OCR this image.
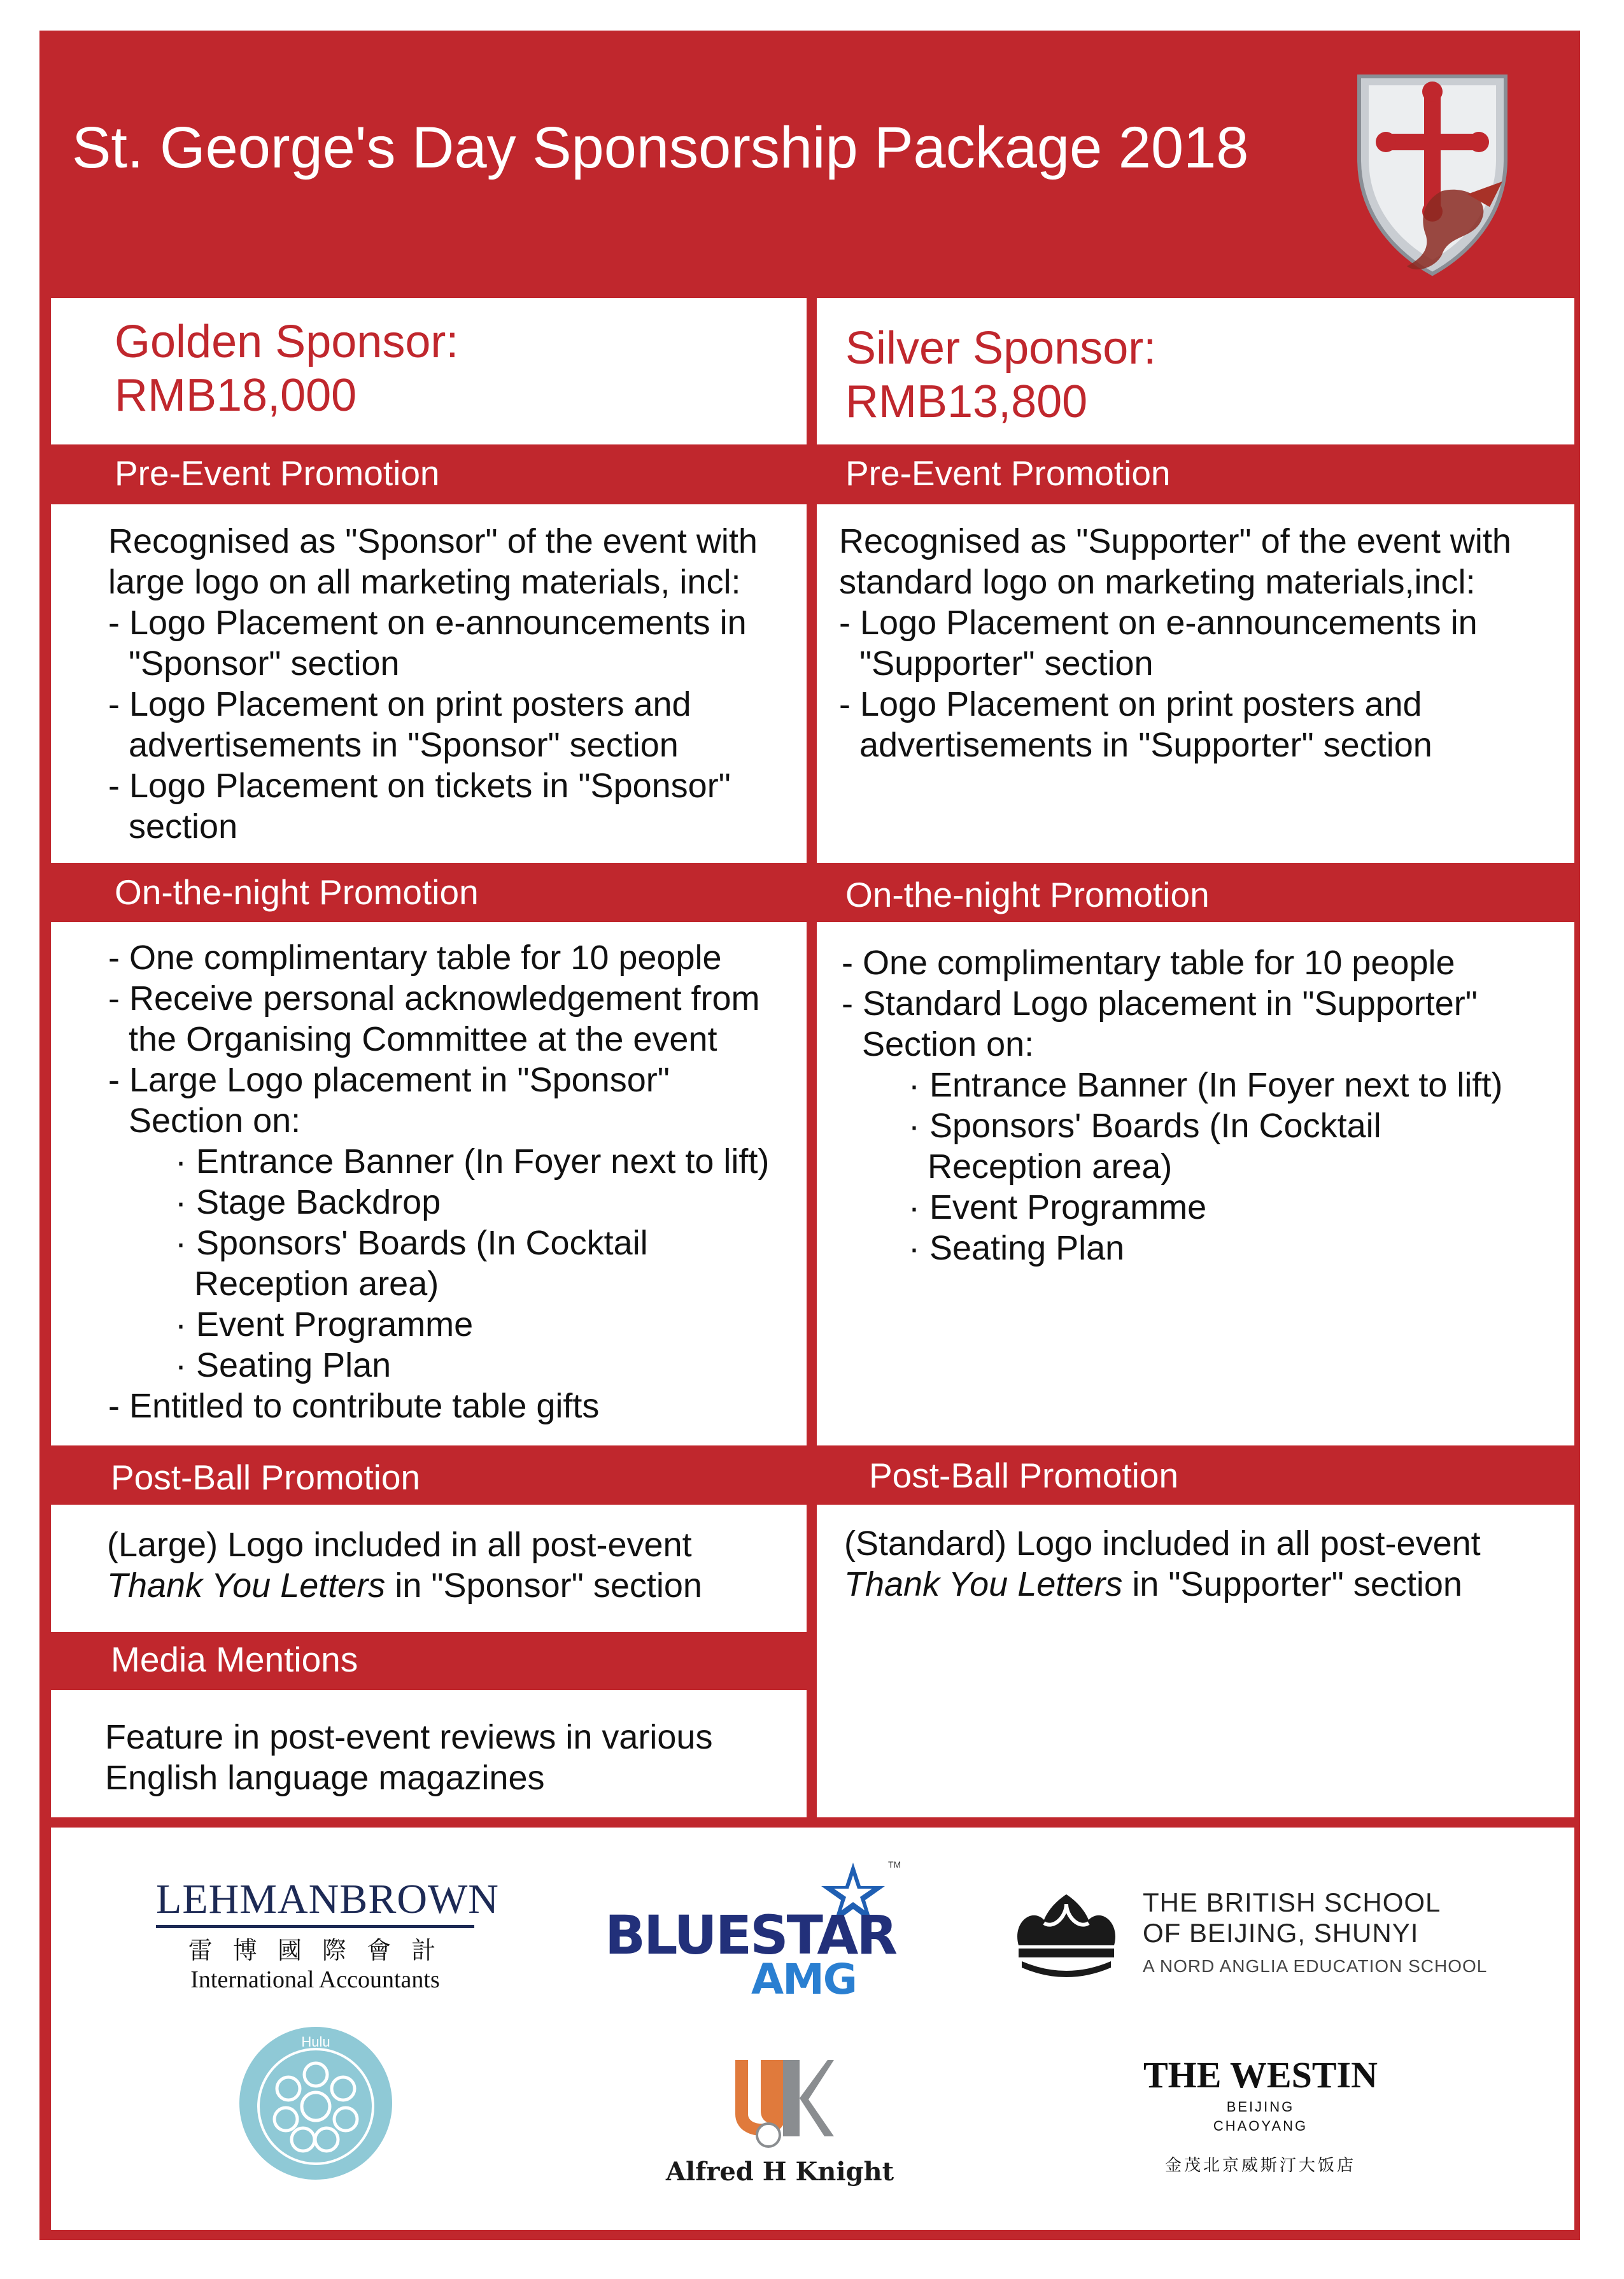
St. George's Day Sponsorship Package 2018
Golden Sponsor:
RMB18,000
Pre-Event Promotion
Recognised as "Sponsor" of the event with
large logo on all marketing materials, incl:
- Logo Placement on e-announcements in
"Sponsor" section
- Logo Placement on print posters and
advertisements in "Sponsor" section
- Logo Placement on tickets in "Sponsor"
section
On-the-night Promotion
- One complimentary table for 10 people
- Receive personal acknowledgement from
the Organising Committee at the event
- Large Logo placement in "Sponsor"
Section on:
· Entrance Banner (In Foyer next to lift)
· Stage Backdrop
· Sponsors' Boards (In Cocktail
Reception area)
· Event Programme
· Seating Plan
- Entitled to contribute table gifts
Post-Ball Promotion
(Large) Logo included in all post-event
Thank You Letters in "Sponsor" section
Media Mentions
Feature in post-event reviews in various
English language magazines
Silver Sponsor:
RMB13,800
Pre-Event Promotion
Recognised as "Supporter" of the event with
standard logo on marketing materials,incl:
- Logo Placement on e-announcements in
"Supporter" section
- Logo Placement on print posters and
advertisements in "Supporter" section
On-the-night Promotion
- One complimentary table for 10 people
- Standard Logo placement in "Supporter"
Section on:
· Entrance Banner (In Foyer next to lift)
· Sponsors' Boards (In Cocktail
Reception area)
· Event Programme
· Seating Plan
Post-Ball Promotion
(Standard) Logo included in all post-event
Thank You Letters in "Supporter" section
LEHMANBROWN
雷 博 國 際 會 計
International Accountants
TM
BLUESTAR
AMG
THE BRITISH SCHOOL
OF BEIJING, SHUNYI
A NORD ANGLIA EDUCATION SCHOOL
Hulu
Alfred H Knight
THE WESTIN
BEIJING
CHAOYANG
金茂北京威斯汀大饭店
